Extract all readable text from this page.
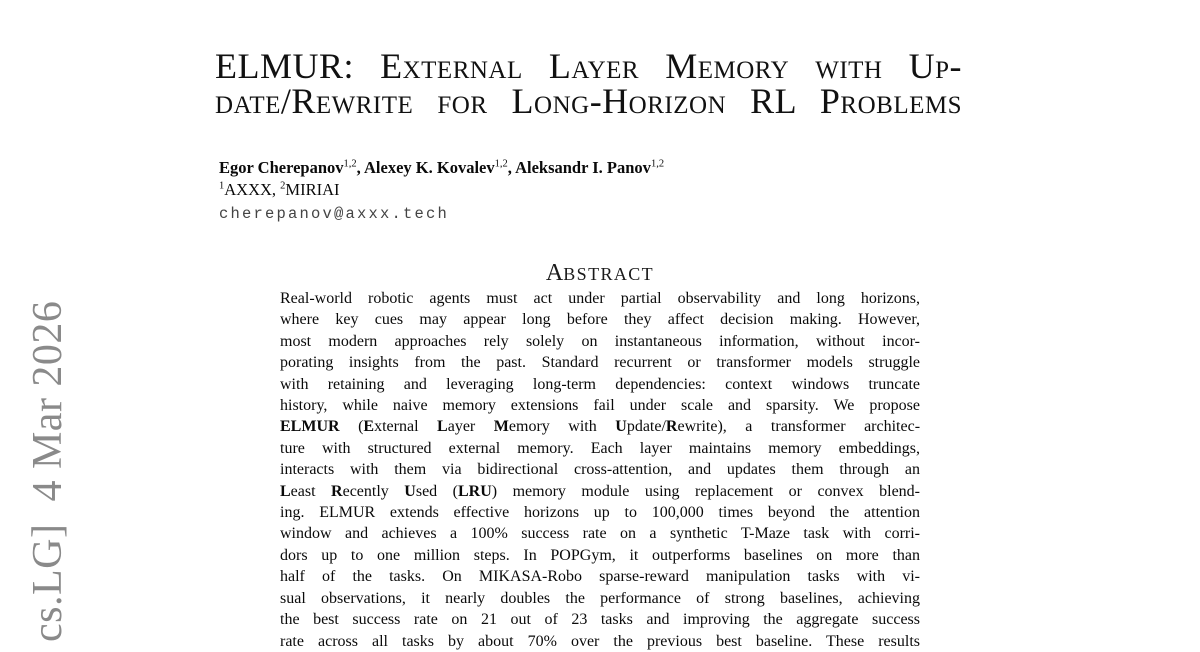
cs.LG]  4 Mar 2026
ELMUR: External Layer Memory with Up-
date/Rewrite for Long-Horizon RL Problems
Egor Cherepanov$^{1,2}$, Alexey K. Kovalev$^{1,2}$, Aleksandr I. Panov$^{1,2}$
$^1$AXXX, $^2$MIRIAI
cherepanov@axxx.tech
ABSTRACT
Real-world robotic agents must act under partial observability and long horizons,
where key cues may appear long before they affect decision making. However,
most modern approaches rely solely on instantaneous information, without incor-
porating insights from the past. Standard recurrent or transformer models struggle
with retaining and leveraging long-term dependencies: context windows truncate
history, while naive memory extensions fail under scale and sparsity. We propose
ELMUR (External Layer Memory with Update/Rewrite), a transformer architec-
ture with structured external memory. Each layer maintains memory embeddings,
interacts with them via bidirectional cross-attention, and updates them through an
Least Recently Used (LRU) memory module using replacement or convex blend-
ing. ELMUR extends effective horizons up to 100,000 times beyond the attention
window and achieves a 100% success rate on a synthetic T-Maze task with corri-
dors up to one million steps. In POPGym, it outperforms baselines on more than
half of the tasks. On MIKASA-Robo sparse-reward manipulation tasks with vi-
sual observations, it nearly doubles the performance of strong baselines, achieving
the best success rate on 21 out of 23 tasks and improving the aggregate success
rate across all tasks by about 70% over the previous best baseline. These results
